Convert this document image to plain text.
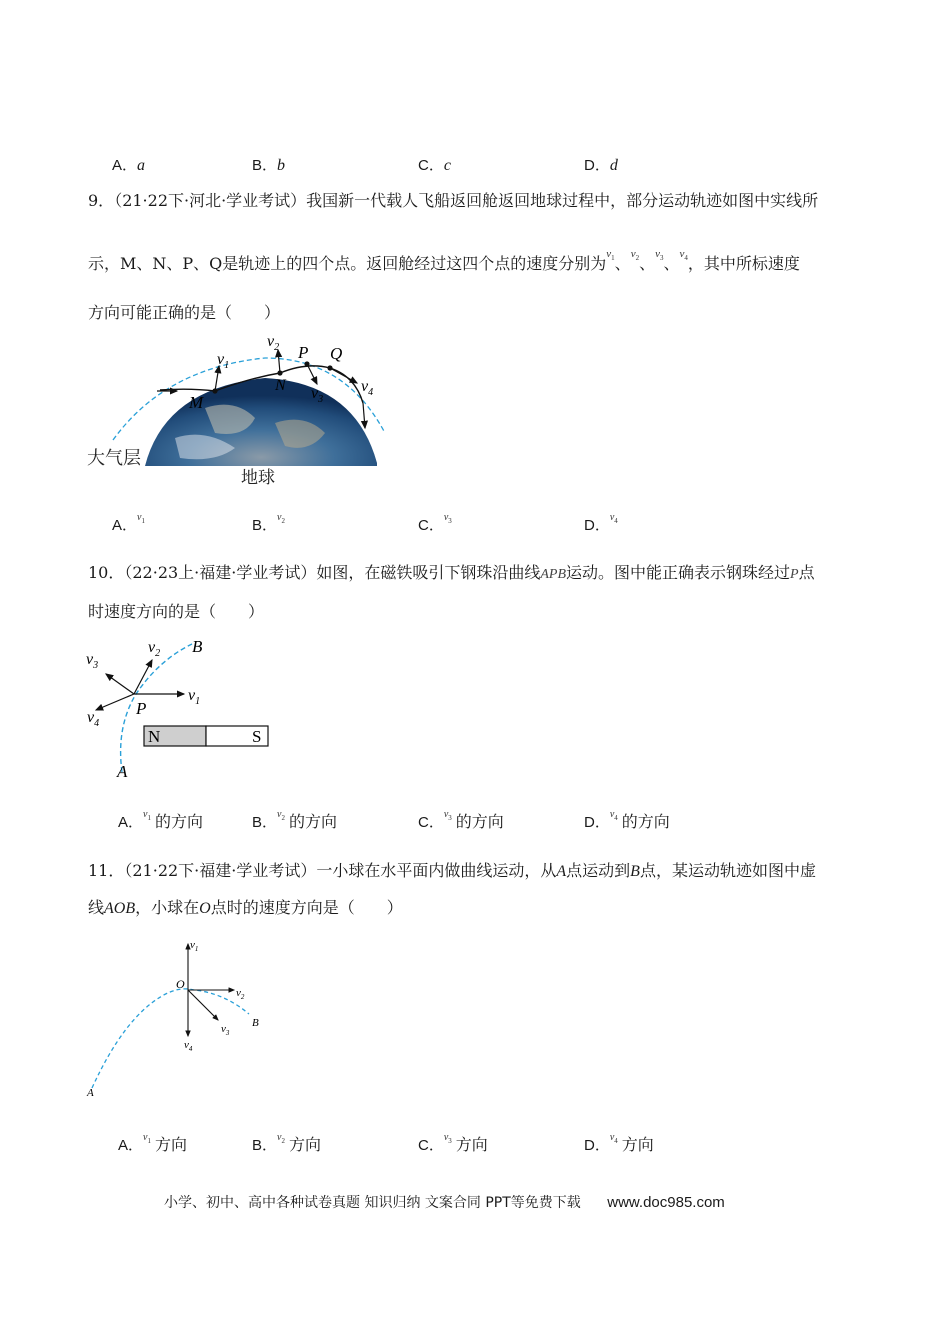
A．a	B．b	C．c	D．d
9．（21·22下·河北·学业考试）我国新一代载人飞船返回舱返回地球过程中，部分运动轨迹如图中实线所
示，M、N、P、Q是轨迹上的四个点。返回舱经过这四个点的速度分别为$^{v_1}$、$^{v_2}$、$^{v_3}$、$^{v_4}$，其中所标速度
方向可能正确的是（　　）
$v_1$
$v_2$
$v_3$
$v_4$
M
N
P Q
大气层
地球
A．$^{v_1}$	B．$^{v_2}$	C．$^{v_3}$	D．$^{v_4}$
10．（22·23上·福建·学业考试）如图，在磁铁吸引下钢珠沿曲线APB运动。图中能正确表示钢珠经过P点
时速度方向的是（　　）
$v_1$
$v_2$
$v_3$
$v_4$
B
P
A
N	S
A．$^{v_1}$ 的方向	B．$^{v_2}$ 的方向	C．$^{v_3}$ 的方向	D．$^{v_4}$ 的方向
11．（21·22下·福建·学业考试）一小球在水平面内做曲线运动，从A点运动到B点，某运动轨迹如图中虚
线AOB，小球在O点时的速度方向是（　　）
$v_1$
$v_2$
$v_3$
$v_4$
O
B
A
A．$^{v_1}$ 方向	B．$^{v_2}$ 方向	C．$^{v_3}$ 方向	D．$^{v_4}$ 方向
小学、初中、高中各种试卷真题 知识归纳 文案合同 PPT等免费下载 www.doc985.com
